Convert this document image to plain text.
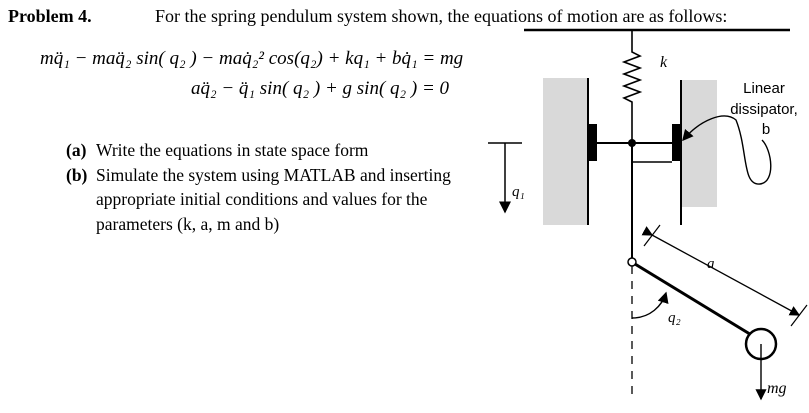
Problem 4.	For the spring pendulum system shown, the equations of motion are as follows:
mq̈₁ − maq̈₂ sin( q₂ ) − maq̇₂² cos(q₂) + kq₁ + bq̇₁ = mg
aq̈₂ − q̈₁ sin( q₂ ) + g sin( q₂ ) = 0
(a) Write the equations in state space form
(b) Simulate the system using MATLAB and inserting appropriate initial conditions and values for the parameters (k, a, m and b)
k
Linear
dissipator,
b
q₁
a
q₂
mg
